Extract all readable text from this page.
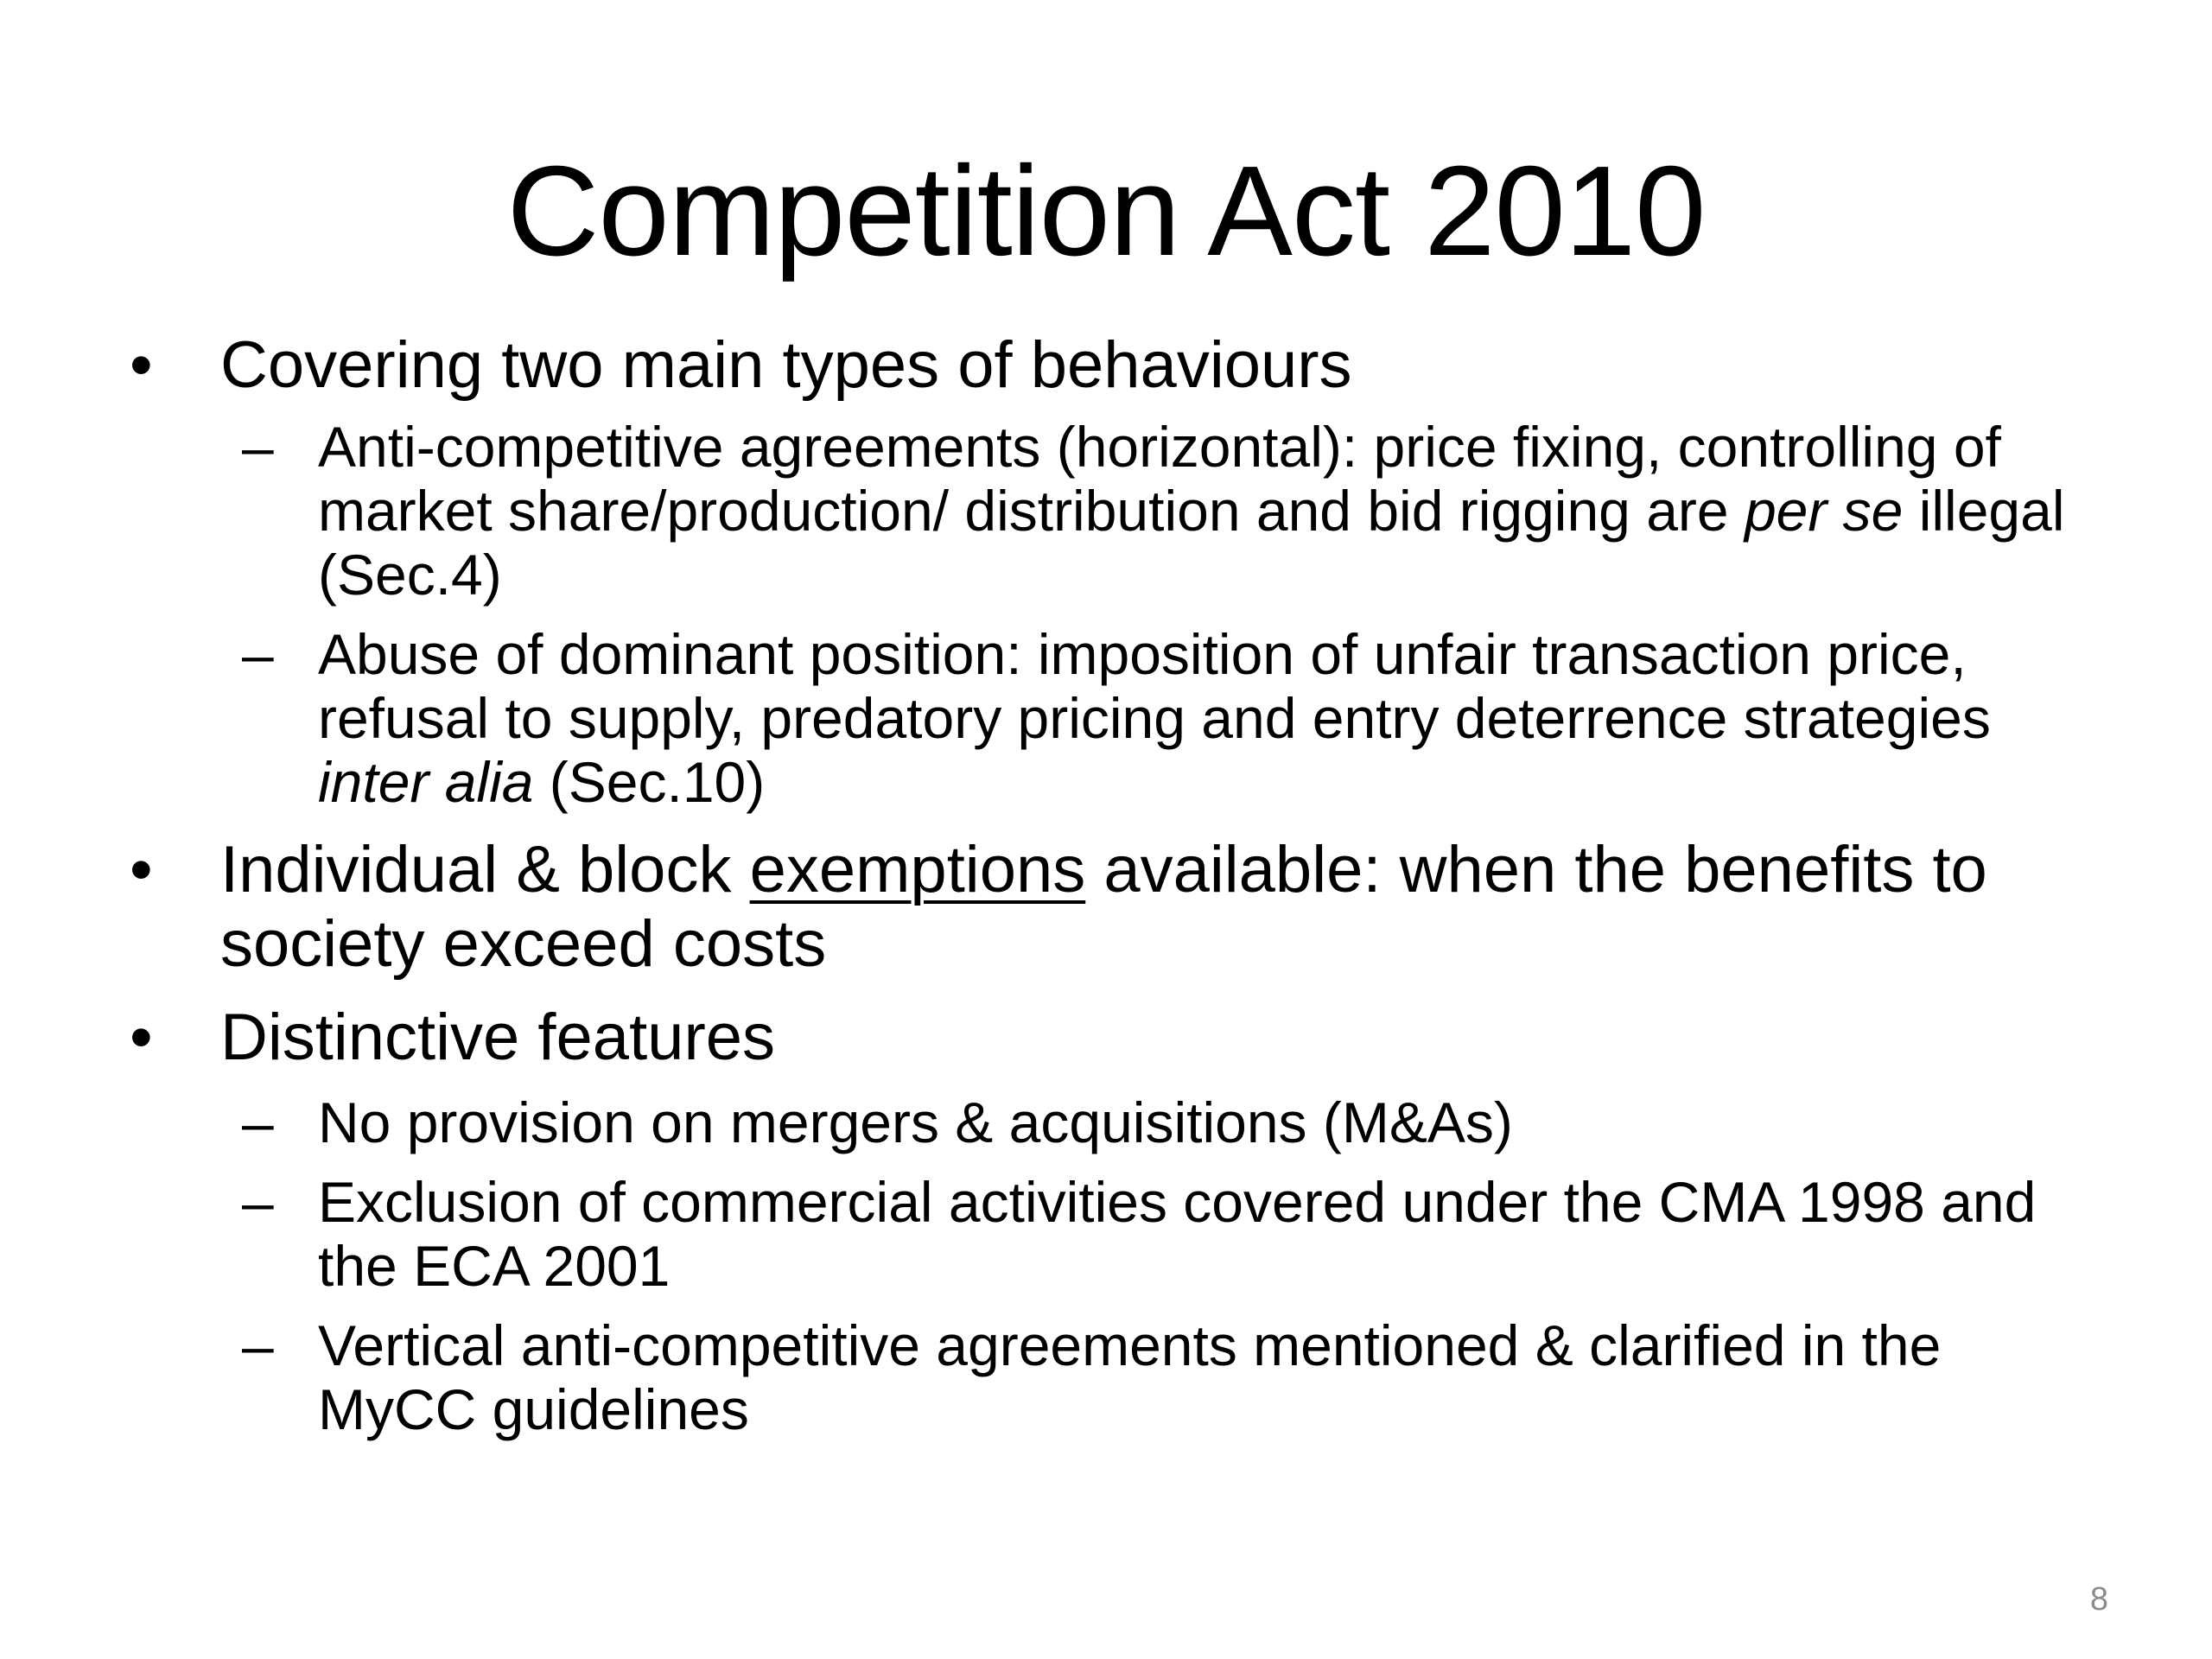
Competition Act 2010
•	Covering two main types of behaviours
– Anti-competitive agreements (horizontal): price fixing, controlling of market share/production/ distribution and bid rigging are per se illegal (Sec.4)
– Abuse of dominant position: imposition of unfair transaction price, refusal to supply, predatory pricing and entry deterrence strategies inter alia (Sec.10)
•	Individual & block exemptions available: when the benefits to society exceed costs
•	Distinctive features
– No provision on mergers & acquisitions (M&As)
– Exclusion of commercial activities covered under the CMA 1998 and the ECA 2001
– Vertical anti-competitive agreements mentioned & clarified in the MyCC guidelines
8
